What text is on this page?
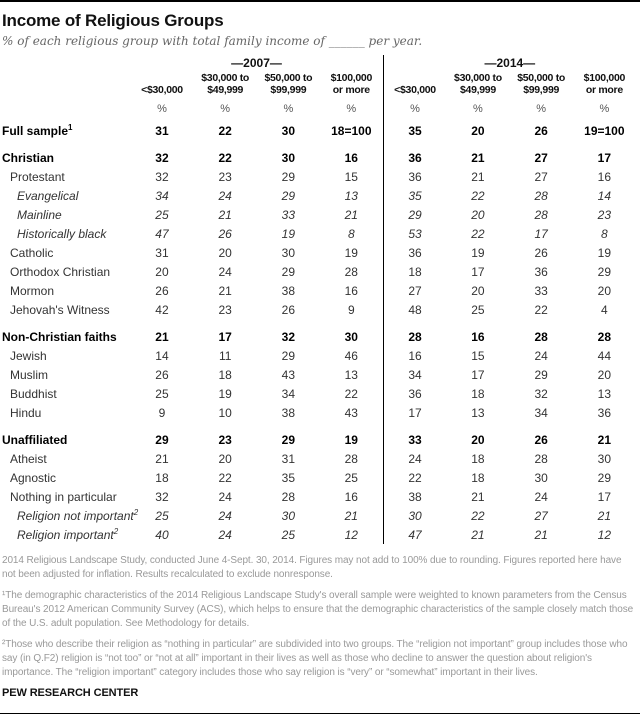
Income of Religious Groups

% of each religious group with total family income of ______ per year.

	—2007—				—2014—			

<$30,000

$30,000 to
$49,999

$50,000 to
$99,999

$100,000
or more	<$30,000

$30,000 to
$49,999

$50,000 to
$99,999

$100,000
or more

	%	%	%	%	%	%	%	%
Full sample$^1$	31	22	30	18=100	35	20	26	19=100

Christian	32	22	30	16	36	21	27	17
Protestant	32	23	29	15	36	21	27	16
Evangelical	34	24	29	13	35	22	28	14
Mainline	25	21	33	21	29	20	28	23
Historically black	47	26	19	8	53	22	17	8
Catholic	31	20	30	19	36	19	26	19
Orthodox Christian	20	24	29	28	18	17	36	29
Mormon	26	21	38	16	27	20	33	20
Jehovah's Witness	42	23	26	9	48	25	22	4

Non-Christian faiths	21	17	32	30	28	16	28	28
Jewish	14	11	29	46	16	15	24	44
Muslim	26	18	43	13	34	17	29	20
Buddhist	25	19	34	22	36	18	32	13
Hindu	9	10	38	43	17	13	34	36

Unaffiliated	29	23	29	19	33	20	26	21
Atheist	21	20	31	28	24	18	28	30
Agnostic	18	22	35	25	22	18	30	29
Nothing in particular	32	24	28	16	38	21	24	17
Religion not important$^2$	25	24	30	21	30	22	27	21
Religion important$^2$	40	24	25	12	47	21	21	12

2014 Religious Landscape Study, conducted June 4-Sept. 30, 2014. Figures may not add to 100% due to rounding. Figures reported here have not been adjusted for inflation. Results recalculated to exclude nonresponse.

¹The demographic characteristics of the 2014 Religious Landscape Study's overall sample were weighted to known parameters from the Census Bureau's 2012 American Community Survey (ACS), which helps to ensure that the demographic characteristics of the sample closely match those of the U.S. adult population. See Methodology for details.

²Those who describe their religion as “nothing in particular” are subdivided into two groups. The “religion not important” group includes those who say (in Q.F2) religion is “not too” or “not at all” important in their lives as well as those who decline to answer the question about religion's importance. The “religion important” category includes those who say religion is “very” or “somewhat” important in their lives.

PEW RESEARCH CENTER
